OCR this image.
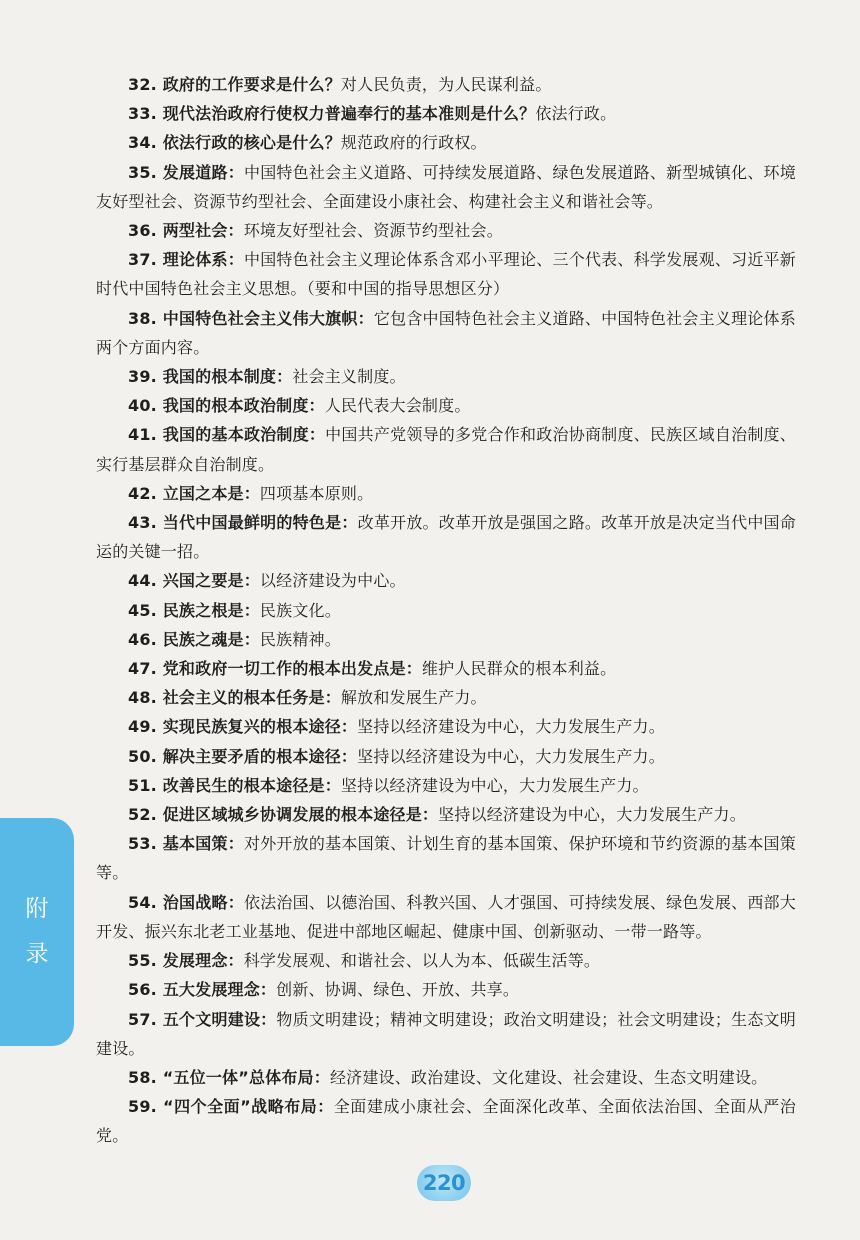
32. 政府的工作要求是什么？对人民负责，为人民谋利益。

33. 现代法治政府行使权力普遍奉行的基本准则是什么？依法行政。

34. 依法行政的核心是什么？规范政府的行政权。

35. 发展道路：中国特色社会主义道路、可持续发展道路、绿色发展道路、新型城镇化、环境友好型社会、资源节约型社会、全面建设小康社会、构建社会主义和谐社会等。

36. 两型社会：环境友好型社会、资源节约型社会。

37. 理论体系：中国特色社会主义理论体系含邓小平理论、三个代表、科学发展观、习近平新时代中国特色社会主义思想。（要和中国的指导思想区分）

38. 中国特色社会主义伟大旗帜：它包含中国特色社会主义道路、中国特色社会主义理论体系两个方面内容。

39. 我国的根本制度：社会主义制度。

40. 我国的根本政治制度：人民代表大会制度。

41. 我国的基本政治制度：中国共产党领导的多党合作和政治协商制度、民族区域自治制度、实行基层群众自治制度。

42. 立国之本是：四项基本原则。

43. 当代中国最鲜明的特色是：改革开放。改革开放是强国之路。改革开放是决定当代中国命运的关键一招。

44. 兴国之要是：以经济建设为中心。

45. 民族之根是：民族文化。

46. 民族之魂是：民族精神。

47. 党和政府一切工作的根本出发点是：维护人民群众的根本利益。

48. 社会主义的根本任务是：解放和发展生产力。

49. 实现民族复兴的根本途径：坚持以经济建设为中心，大力发展生产力。

50. 解决主要矛盾的根本途径：坚持以经济建设为中心，大力发展生产力。

51. 改善民生的根本途径是：坚持以经济建设为中心，大力发展生产力。

52. 促进区域城乡协调发展的根本途径是：坚持以经济建设为中心，大力发展生产力。

53. 基本国策：对外开放的基本国策、计划生育的基本国策、保护环境和节约资源的基本国策等。

54. 治国战略：依法治国、以德治国、科教兴国、人才强国、可持续发展、绿色发展、西部大开发、振兴东北老工业基地、促进中部地区崛起、健康中国、创新驱动、一带一路等。

55. 发展理念：科学发展观、和谐社会、以人为本、低碳生活等。

56. 五大发展理念：创新、协调、绿色、开放、共享。

57. 五个文明建设：物质文明建设；精神文明建设；政治文明建设；社会文明建设；生态文明建设。

58. “五位一体”总体布局：经济建设、政治建设、文化建设、社会建设、生态文明建设。

59. “四个全面”战略布局：全面建成小康社会、全面深化改革、全面依法治国、全面从严治党。

附
录
220
